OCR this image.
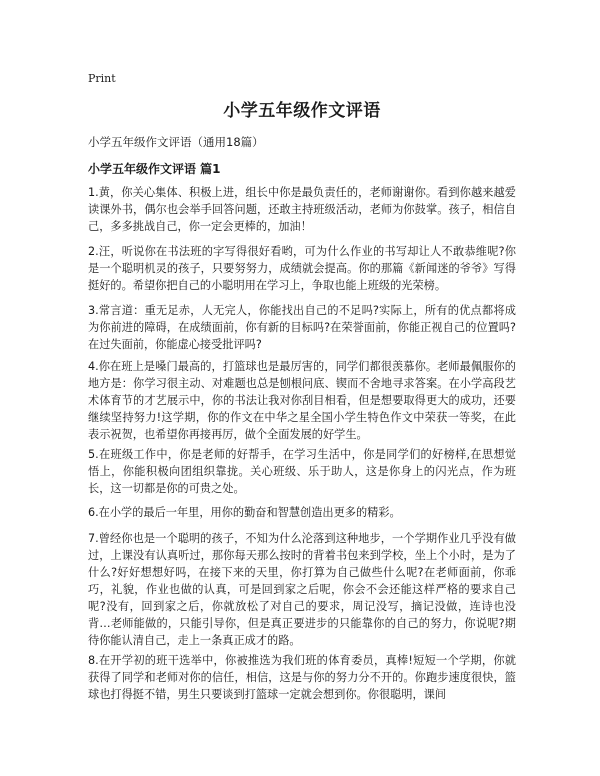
Print
小学五年级作文评语
小学五年级作文评语（通用18篇）
小学五年级作文评语 篇1
1.黄，你关心集体、积极上进，组长中你是最负责任的，老师谢谢你。看到你越来越爱读课外书，偶尔也会举手回答问题，还敢主持班级活动，老师为你鼓掌。孩子，相信自己，多多挑战自己，你一定会更棒的，加油！
2.汪，听说你在书法班的字写得很好看哟，可为什么作业的书写却让人不敢恭维呢?你是一个聪明机灵的孩子，只要努努力，成绩就会提高。你的那篇《新闻迷的爷爷》写得挺好的。希望你把自己的小聪明用在学习上，争取也能上班级的光荣榜。
3.常言道：重无足赤，人无完人，你能找出自己的不足吗?实际上，所有的优点都将成为你前进的障碍，在成绩面前，你有新的目标吗?在荣誉面前，你能正视自己的位置吗?在过失面前，你能虚心接受批评吗?
4.你在班上是嗓门最高的，打篮球也是最厉害的，同学们都很羡慕你。老师最佩服你的地方是：你学习很主动、对难题也总是刨根问底、锲而不舍地寻求答案。在小学高段艺术体育节的才艺展示中，你的书法让我对你刮目相看，但是想要取得更大的成功，还要继续坚持努力!这学期，你的作文在中华之星全国小学生特色作文中荣获一等奖，在此表示祝贺，也希望你再接再厉，做个全面发展的好学生。
5.在班级工作中，你是老师的好帮手，在学习生活中，你是同学们的好榜样,在思想觉悟上，你能积极向团组织靠拢。关心班级、乐于助人，这是你身上的闪光点，作为班长，这一切都是你的可贵之处。
6.在小学的最后一年里，用你的勤奋和智慧创造出更多的精彩。
7.曾经你也是一个聪明的孩子，不知为什么沦落到这种地步，一个学期作业几乎没有做过，上课没有认真听过，那你每天那么按时的背着书包来到学校，坐上个小时，是为了什么?好好想想好吗，在接下来的天里，你打算为自己做些什么呢?在老师面前，你乖巧，礼貌，作业也做的认真，可是回到家之后呢，你会不会还能这样严格的要求自己呢?没有，回到家之后，你就放松了对自己的要求，周记没写，摘记没做，连诗也没背…老师能做的，只能引导你，但是真正要进步的只能靠你的自己的努力，你说呢?期待你能认清自己，走上一条真正成才的路。
8.在开学初的班干选举中，你被推选为我们班的体育委员，真棒!短短一个学期，你就获得了同学和老师对你的信任，相信，这是与你的努力分不开的。你跑步速度很快，篮球也打得挺不错，男生只要谈到打篮球一定就会想到你。你很聪明，课间
